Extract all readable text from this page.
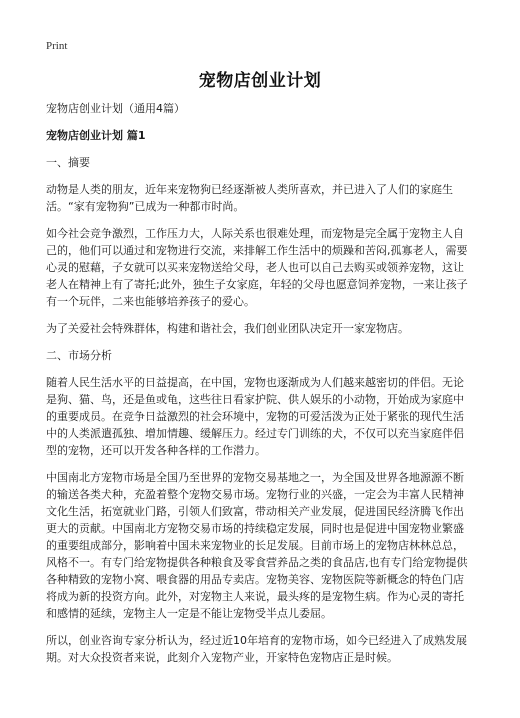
Print
宠物店创业计划
宠物店创业计划（通用4篇）
宠物店创业计划 篇1
一、摘要

动物是人类的朋友，近年来宠物狗已经逐渐被人类所喜欢，并已进入了人们的家庭生活。“家有宠物狗”已成为一种都市时尚。

如今社会竞争激烈，工作压力大，人际关系也很难处理，而宠物是完全属于宠物主人自己的，他们可以通过和宠物进行交流，来排解工作生活中的烦躁和苦闷,孤寡老人，需要心灵的慰藉，子女就可以买来宠物送给父母，老人也可以自己去购买或领养宠物，这让老人在精神上有了寄托;此外，独生子女家庭，年轻的父母也愿意饲养宠物，一来让孩子有一个玩伴，二来也能够培养孩子的爱心。

为了关爱社会特殊群体，构建和谐社会，我们创业团队决定开一家宠物店。

二、市场分析

随着人民生活水平的日益提高，在中国，宠物也逐渐成为人们越来越密切的伴侣。无论是狗、猫、鸟，还是鱼或龟，这些往日看家护院、供人娱乐的小动物，开始成为家庭中的重要成员。在竞争日益激烈的社会环境中，宠物的可爱活泼为正处于紧张的现代生活中的人类派遣孤独、增加情趣、缓解压力。经过专门训练的犬，不仅可以充当家庭伴侣型的宠物，还可以开发各种各样的工作潜力。

中国南北方宠物市场是全国乃至世界的宠物交易基地之一，为全国及世界各地源源不断的输送各类犬种，充盈着整个宠物交易市场。宠物行业的兴盛，一定会为丰富人民精神文化生活，拓宽就业门路，引领人们致富，带动相关产业发展，促进国民经济腾飞作出更大的贡献。中国南北方宠物交易市场的持续稳定发展，同时也是促进中国宠物业繁盛的重要组成部分，影响着中国未来宠物业的长足发展。目前市场上的宠物店林林总总，风格不一。有专门给宠物提供各种粮食及零食营养品之类的食品店,也有专门给宠物提供各种精致的宠物小窝、喂食器的用品专卖店。宠物美容、宠物医院等新概念的特色门店将成为新的投资方向。此外，对宠物主人来说，最头疼的是宠物生病。作为心灵的寄托和感情的延续，宠物主人一定是不能让宠物受半点儿委屈。

所以，创业咨询专家分析认为，经过近10年培育的宠物市场，如今已经进入了成熟发展期。对大众投资者来说，此刻介入宠物产业，开家特色宠物店正是时候。
